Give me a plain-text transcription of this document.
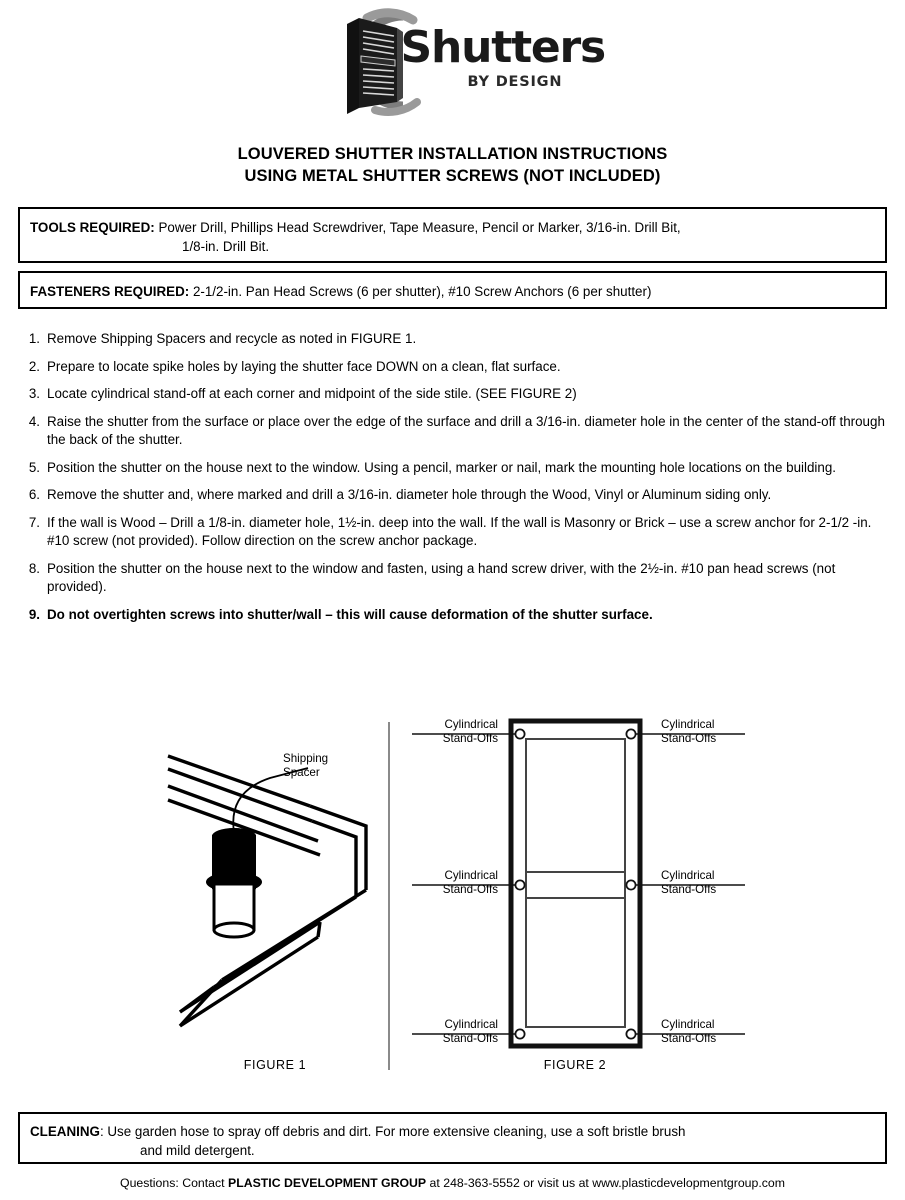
Shutters
BY DESIGN
LOUVERED SHUTTER INSTALLATION INSTRUCTIONS
USING METAL SHUTTER SCREWS (NOT INCLUDED)
TOOLS REQUIRED: Power Drill, Phillips Head Screwdriver, Tape Measure, Pencil or Marker, 3/16-in. Drill Bit,
1/8-in. Drill Bit.
FASTENERS REQUIRED: 2-1/2-in. Pan Head Screws (6 per shutter), #10 Screw Anchors (6 per shutter)
1. Remove Shipping Spacers and recycle as noted in FIGURE 1.
2. Prepare to locate spike holes by laying the shutter face DOWN on a clean, flat surface.
3. Locate cylindrical stand-off at each corner and midpoint of the side stile. (SEE FIGURE 2)
4. Raise the shutter from the surface or place over the edge of the surface and drill a 3/16-in. diameter hole in the center of the stand-off through the back of the shutter.
5. Position the shutter on the house next to the window. Using a pencil, marker or nail, mark the mounting hole locations on the building.
6. Remove the shutter and, where marked and drill a 3/16-in. diameter hole through the Wood, Vinyl or Aluminum siding only.
7. If the wall is Wood – Drill a 1/8-in. diameter hole, 1½-in. deep into the wall. If the wall is Masonry or Brick – use a screw anchor for 2-1/2 -in. #10 screw (not provided). Follow direction on the screw anchor package.
8. Position the shutter on the house next to the window and fasten, using a hand screw driver, with the 2½-in. #10 pan head screws (not provided).
9. Do not overtighten screws into shutter/wall – this will cause deformation of the shutter surface.
Shipping
Spacer
Cylindrical
Stand-Offs
Cylindrical
Stand-Offs
Cylindrical
Stand-Offs
Cylindrical
Stand-Offs
Cylindrical
Stand-Offs
Cylindrical
Stand-Offs
FIGURE 1	FIGURE 2
CLEANING: Use garden hose to spray off debris and dirt. For more extensive cleaning, use a soft bristle brush
and mild detergent.
Questions: Contact PLASTIC DEVELOPMENT GROUP at 248-363-5552 or visit us at www.plasticdevelopmentgroup.com
